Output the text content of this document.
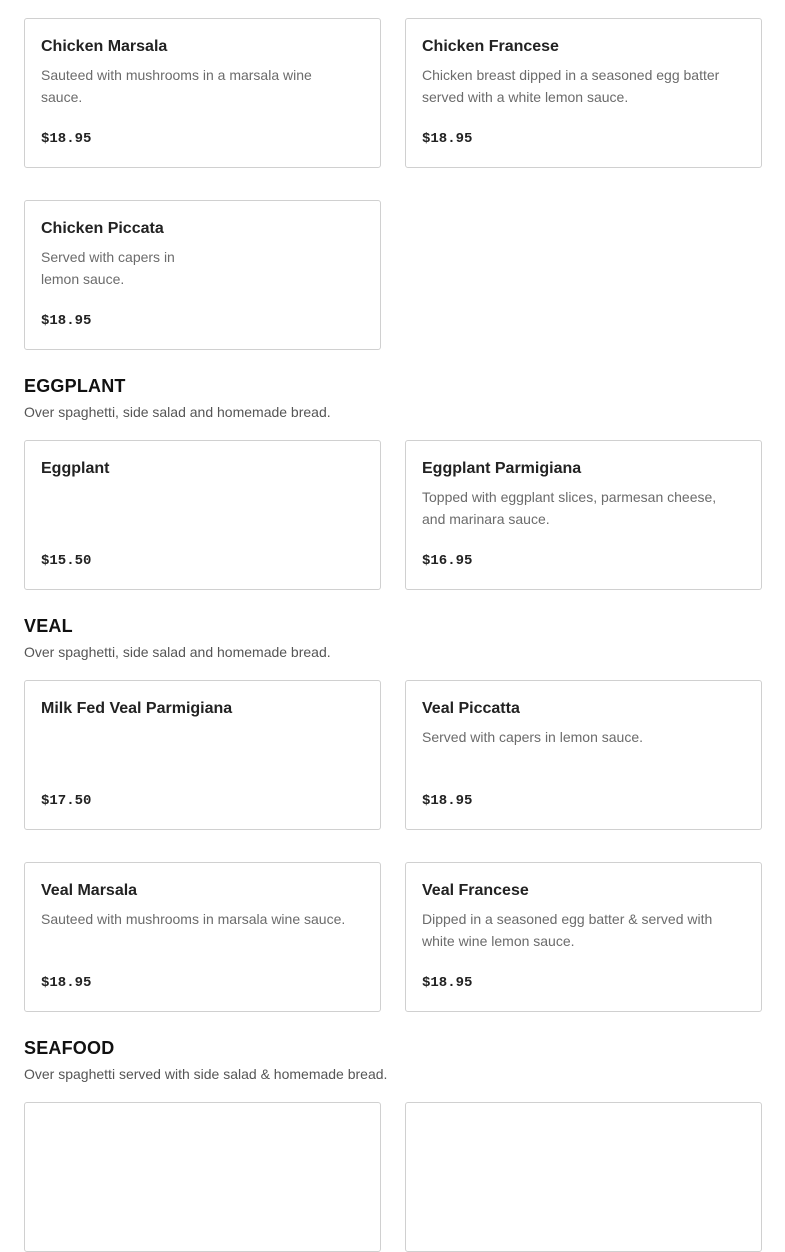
Chicken Marsala
Sauteed with mushrooms in a marsala wine sauce.
$18.95
Chicken Francese
Chicken breast dipped in a seasoned egg batter served with a white lemon sauce.
$18.95
Chicken Piccata
Served with capers in lemon sauce.
$18.95
EGGPLANT
Over spaghetti, side salad and homemade bread.
Eggplant
$15.50
Eggplant Parmigiana
Topped with eggplant slices, parmesan cheese, and marinara sauce.
$16.95
VEAL
Over spaghetti, side salad and homemade bread.
Milk Fed Veal Parmigiana
$17.50
Veal Piccatta
Served with capers in lemon sauce.
$18.95
Veal Marsala
Sauteed with mushrooms in marsala wine sauce.
$18.95
Veal Francese
Dipped in a seasoned egg batter & served with white wine lemon sauce.
$18.95
SEAFOOD
Over spaghetti served with side salad & homemade bread.
